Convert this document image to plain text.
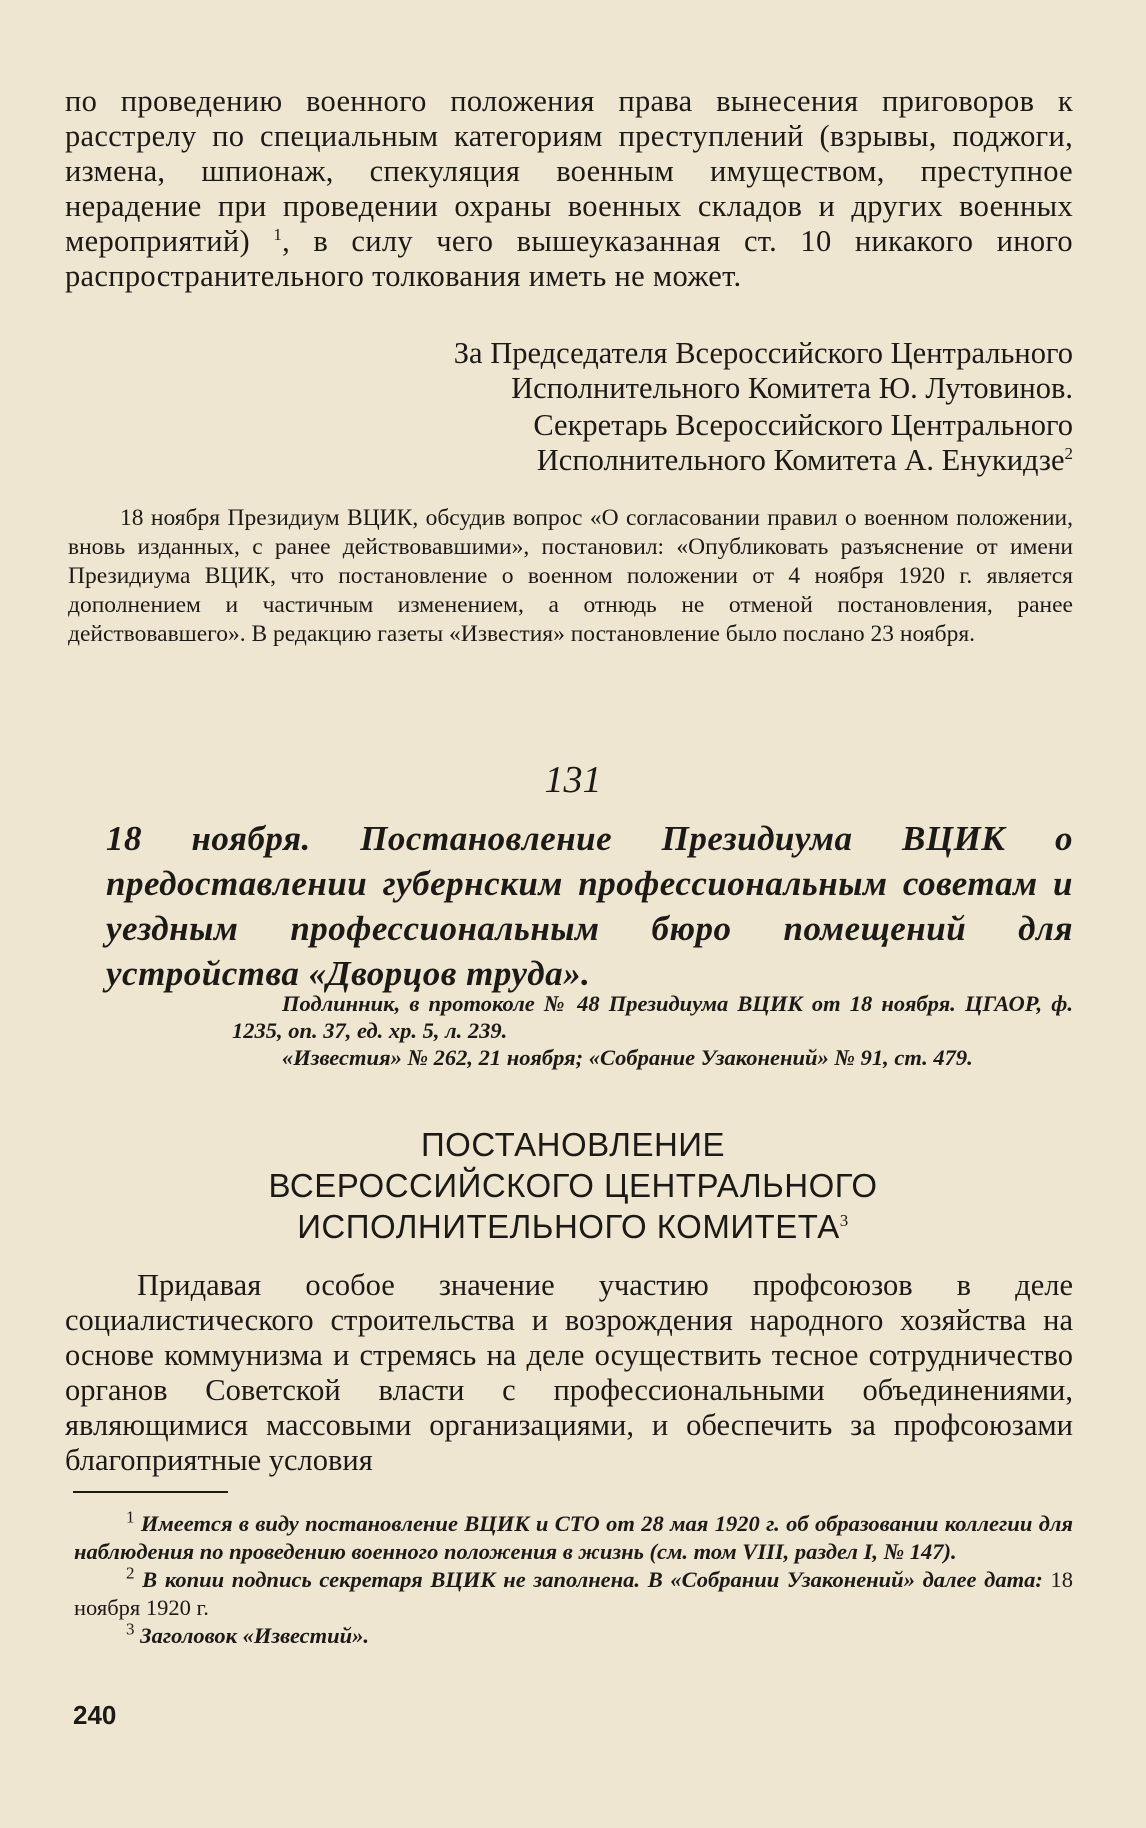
по проведению военного положения права вынесения приговоров к расстрелу по специальным категориям преступлений (взрывы, поджоги, измена, шпионаж, спекуляция военным имуществом, преступное нерадение при проведении охраны военных складов и других военных мероприятий) $^1$, в силу чего вышеуказанная ст. 10 никакого иного распространительного толкования иметь не может.

За Председателя Всероссийского Центрального

Исполнительного Комитета Ю. Лутовинов.

Секретарь Всероссийского Центрального

Исполнительного Комитета А. Енукидзе$^2$

18 ноября Президиум ВЦИК, обсудив вопрос «О согласовании правил о военном положении, вновь изданных, с ранее действовавшими», постановил: «Опубликовать разъяснение от имени Президиума ВЦИК, что постановление о военном положении от 4 ноября 1920 г. является дополнением и частичным изменением, а отнюдь не отменой постановления, ранее действовавшего». В редакцию газеты «Известия» постановление было послано 23 ноября.

131
18 ноября. Постановление Президиума ВЦИК о предоставлении губернским профессиональным советам и уездным профессиональным бюро помещений для устройства «Дворцов труда».

Подлинник, в протоколе № 48 Президиума ВЦИК от 18 ноября. ЦГАОР, ф. 1235, оп. 37, ед. хр. 5, л. 239.

«Известия» № 262, 21 ноября; «Собрание Узаконений» № 91, ст. 479.

ПОСТАНОВЛЕНИЕ

ВСЕРОССИЙСКОГО ЦЕНТРАЛЬНОГО

ИСПОЛНИТЕЛЬНОГО КОМИТЕТА$^3$

Придавая особое значение участию профсоюзов в деле социалистического строительства и возрождения народного хозяйства на основе коммунизма и стремясь на деле осуществить тесное сотрудничество органов Советской власти с профессиональными объединениями, являющимися массовыми организациями, и обеспечить за профсоюзами благоприятные условия

$^1$ Имеется в виду постановление ВЦИК и СТО от 28 мая 1920 г. об образовании коллегии для наблюдения по проведению военного положения в жизнь (см. том VIII, раздел I, № 147).

$^2$ В копии подпись секретаря ВЦИК не заполнена. В «Собрании Узаконений» далее дата: 18 ноября 1920 г.

$^3$ Заголовок «Известий».

240
